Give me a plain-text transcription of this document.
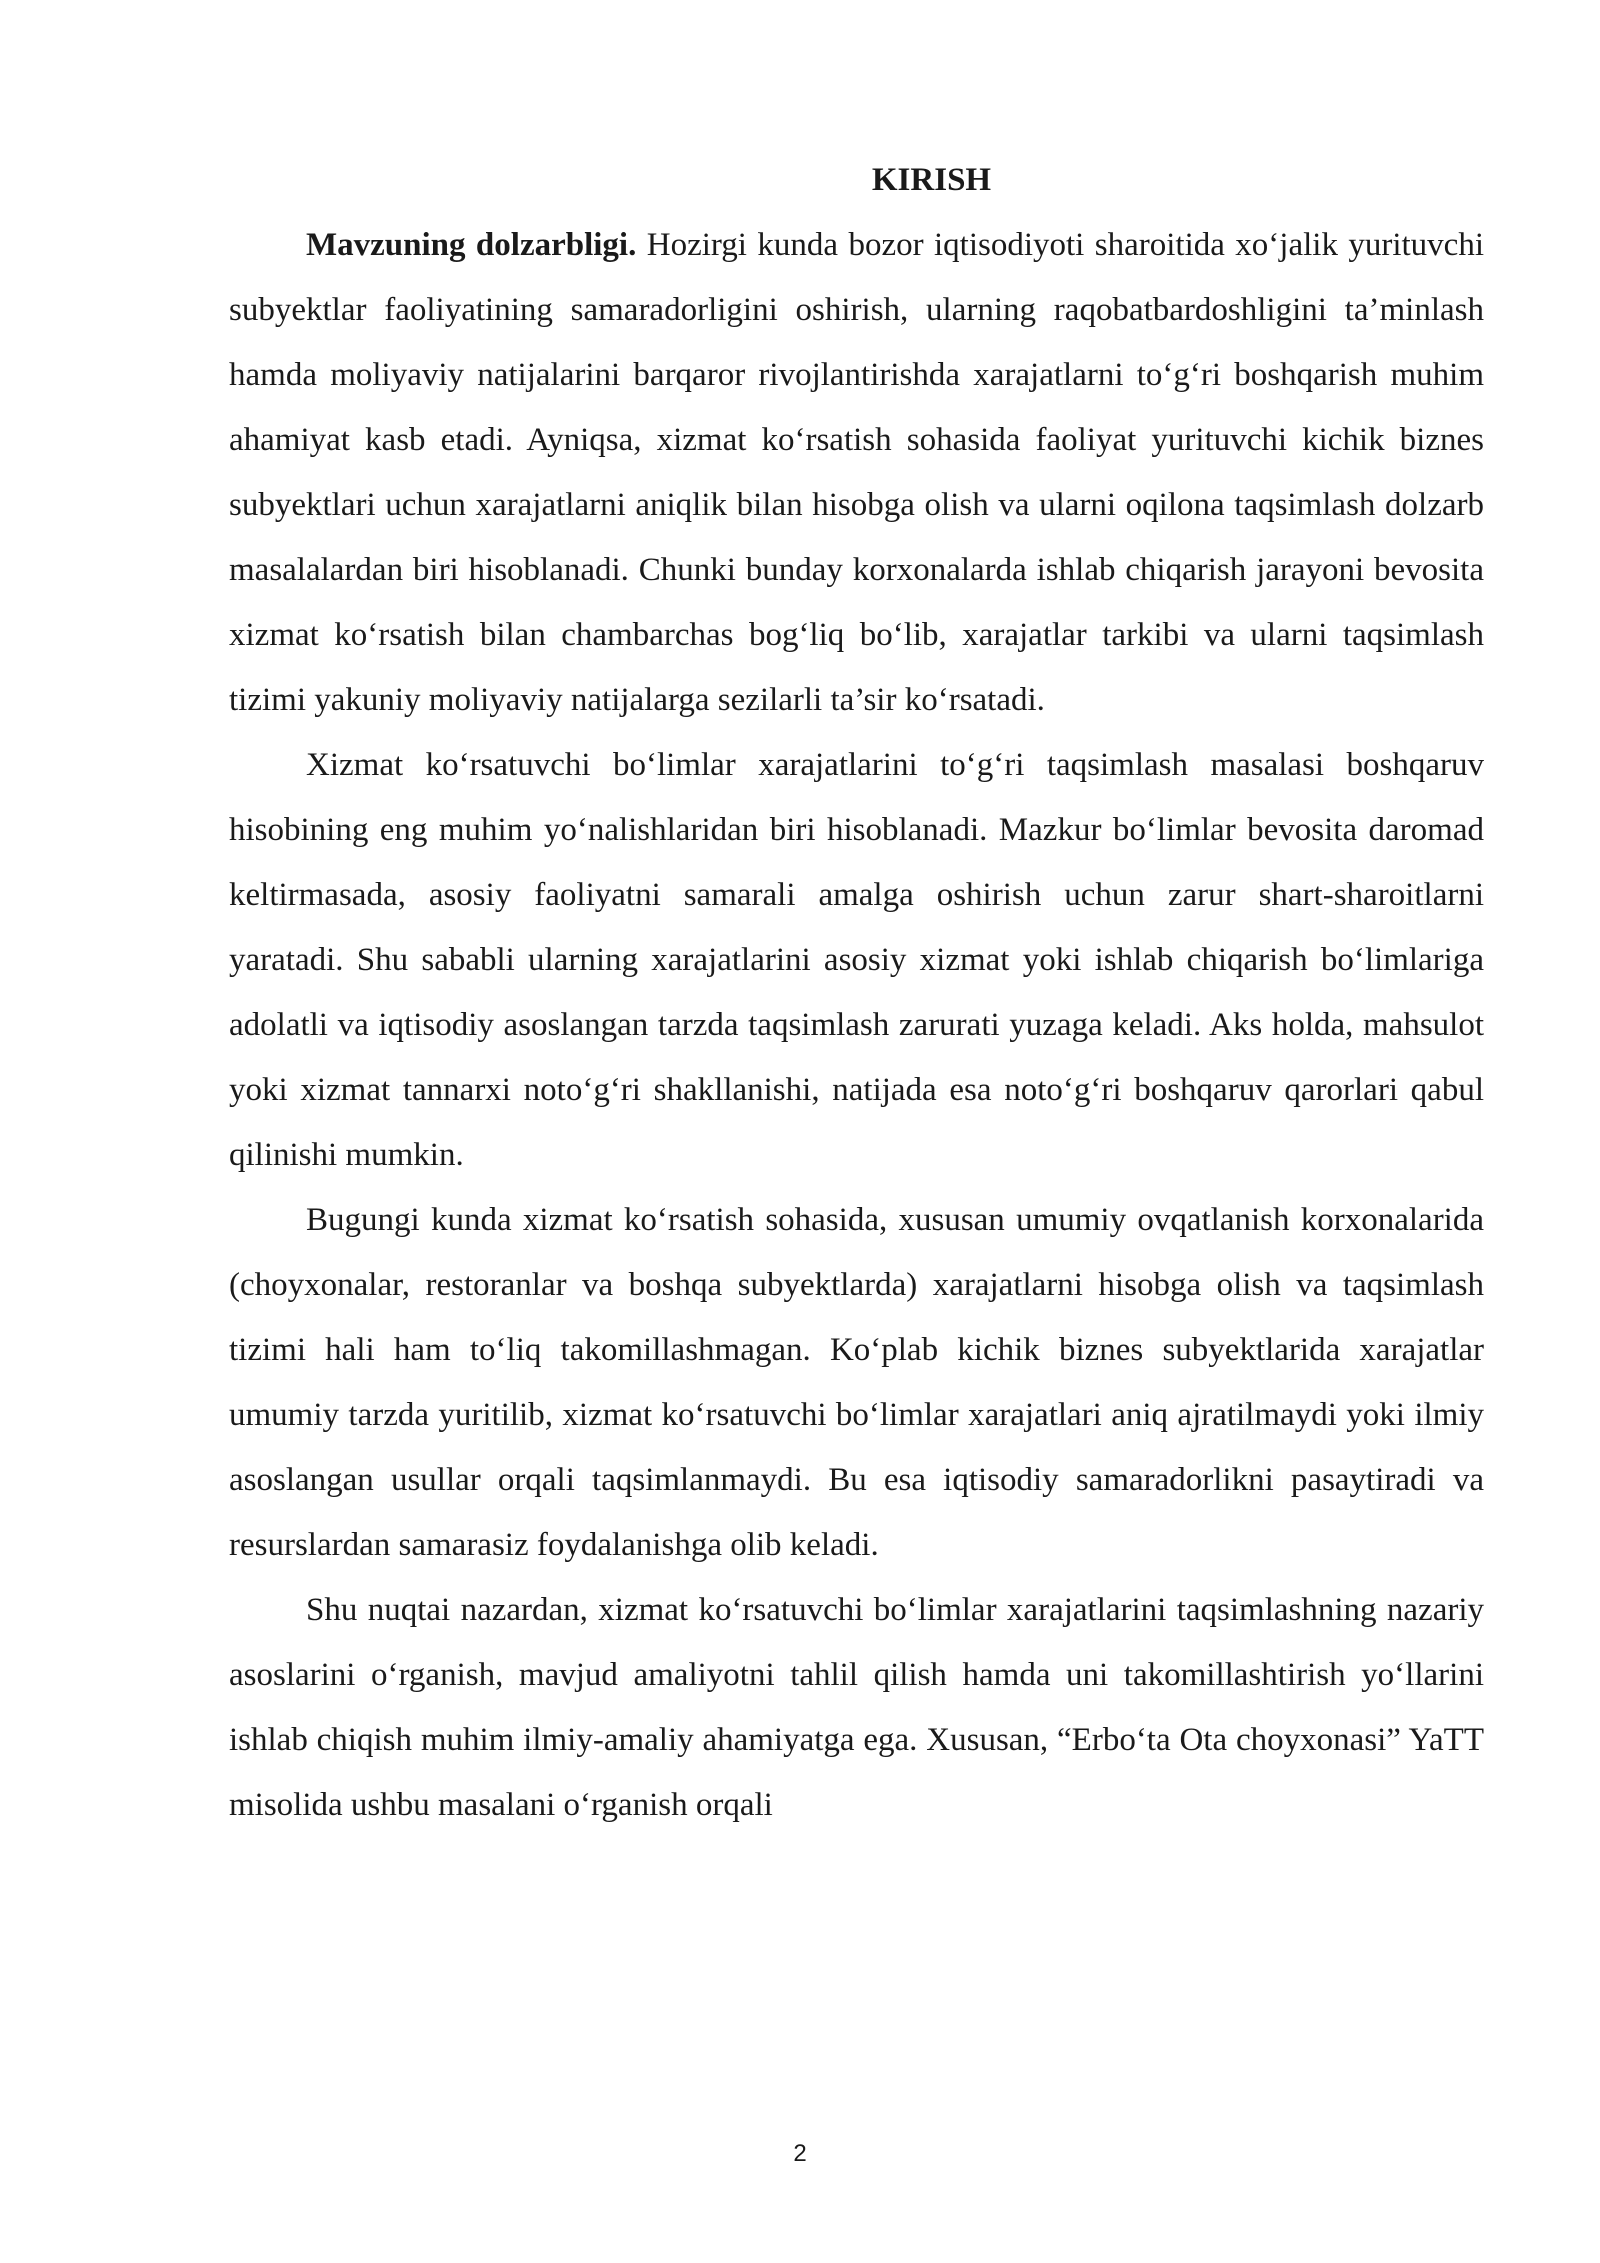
KIRISH

Mavzuning dolzarbligi. Hozirgi kunda bozor iqtisodiyoti sharoitida xo‘jalik yurituvchi subyektlar faoliyatining samaradorligini oshirish, ularning raqobatbardoshligini ta’minlash hamda moliyaviy natijalarini barqaror rivojlantirishda xarajatlarni to‘g‘ri boshqarish muhim ahamiyat kasb etadi. Ayniqsa, xizmat ko‘rsatish sohasida faoliyat yurituvchi kichik biznes subyektlari uchun xarajatlarni aniqlik bilan hisobga olish va ularni oqilona taqsimlash dolzarb masalalardan biri hisoblanadi. Chunki bunday korxonalarda ishlab chiqarish jarayoni bevosita xizmat ko‘rsatish bilan chambarchas bog‘liq bo‘lib, xarajatlar tarkibi va ularni taqsimlash tizimi yakuniy moliyaviy natijalarga sezilarli ta’sir ko‘rsatadi.

Xizmat ko‘rsatuvchi bo‘limlar xarajatlarini to‘g‘ri taqsimlash masalasi boshqaruv hisobining eng muhim yo‘nalishlaridan biri hisoblanadi. Mazkur bo‘limlar bevosita daromad keltirmasada, asosiy faoliyatni samarali amalga oshirish uchun zarur shart-sharoitlarni yaratadi. Shu sababli ularning xarajatlarini asosiy xizmat yoki ishlab chiqarish bo‘limlariga adolatli va iqtisodiy asoslangan tarzda taqsimlash zarurati yuzaga keladi. Aks holda, mahsulot yoki xizmat tannarxi noto‘g‘ri shakllanishi, natijada esa noto‘g‘ri boshqaruv qarorlari qabul qilinishi mumkin.

Bugungi kunda xizmat ko‘rsatish sohasida, xususan umumiy ovqatlanish korxonalarida (choyxonalar, restoranlar va boshqa subyektlarda) xarajatlarni hisobga olish va taqsimlash tizimi hali ham to‘liq takomillashmagan. Ko‘plab kichik biznes subyektlarida xarajatlar umumiy tarzda yuritilib, xizmat ko‘rsatuvchi bo‘limlar xarajatlari aniq ajratilmaydi yoki ilmiy asoslangan usullar orqali taqsimlanmaydi. Bu esa iqtisodiy samaradorlikni pasaytiradi va resurslardan samarasiz foydalanishga olib keladi.

Shu nuqtai nazardan, xizmat ko‘rsatuvchi bo‘limlar xarajatlarini taqsimlashning nazariy asoslarini o‘rganish, mavjud amaliyotni tahlil qilish hamda uni takomillashtirish yo‘llarini ishlab chiqish muhim ilmiy-amaliy ahamiyatga ega. Xususan, “Erbo‘ta Ota choyxonasi” YaTT misolida ushbu masalani o‘rganish orqali

2
